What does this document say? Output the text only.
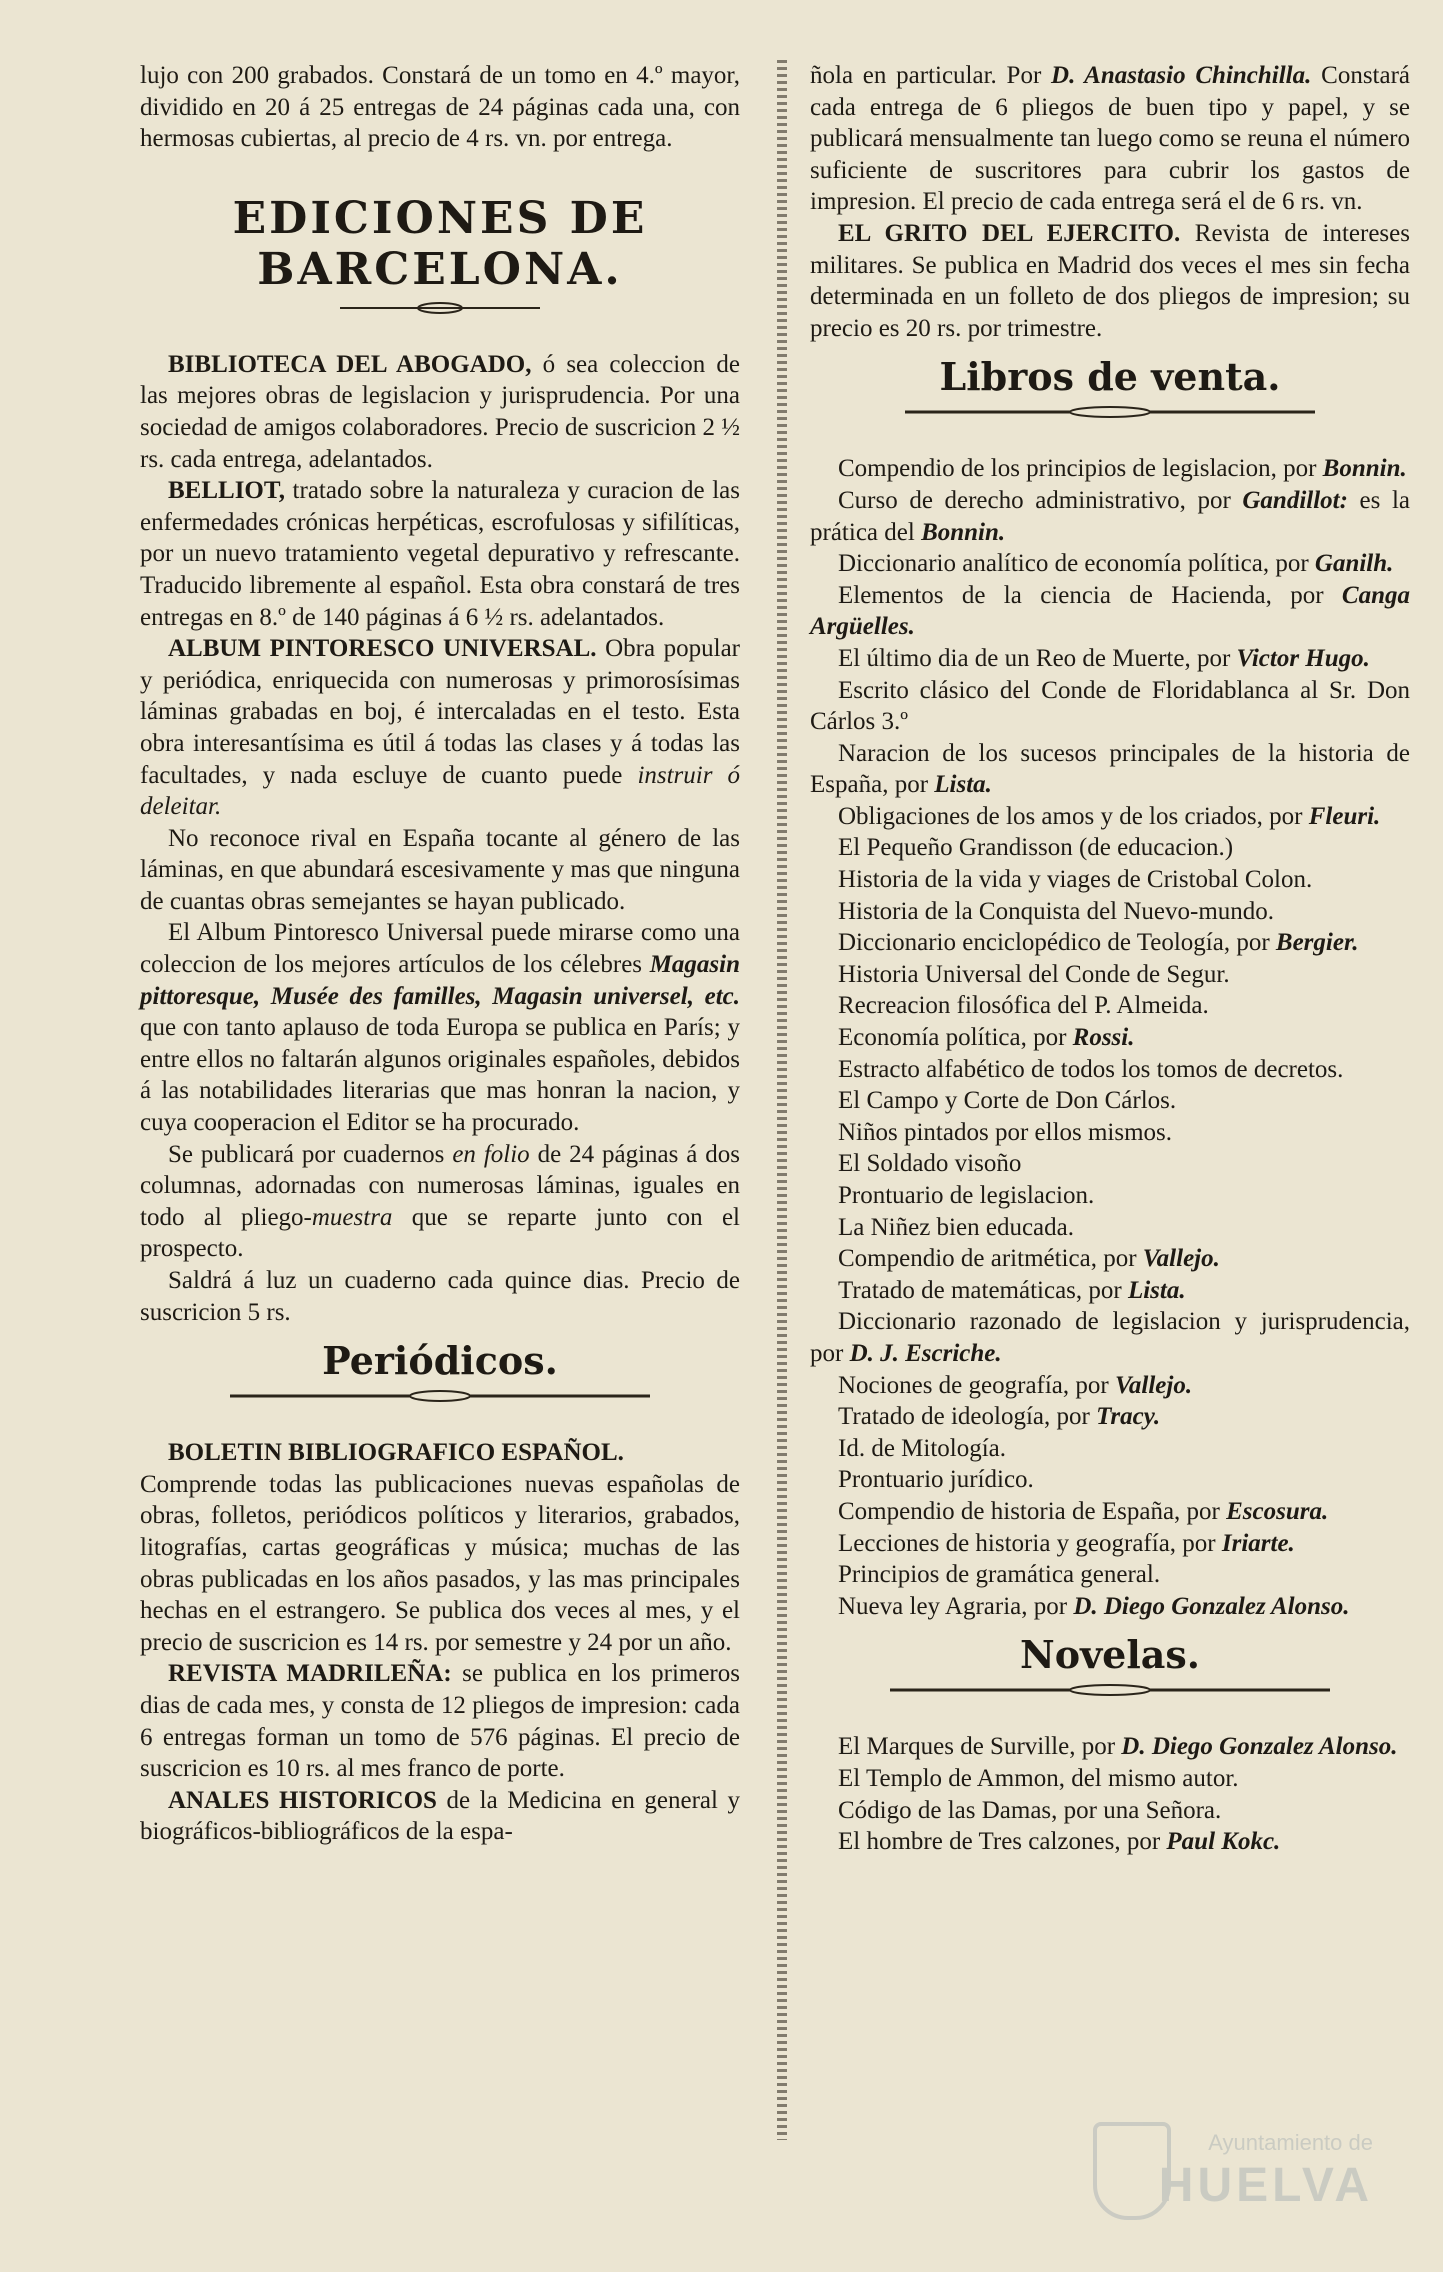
lujo con 200 grabados. Constará de un tomo en 4.º mayor, dividido en 20 á 25 entregas de 24 páginas cada una, con hermosas cubiertas, al precio de 4 rs. vn. por entrega.

EDICIONES DE BARCELONA.

BIBLIOTECA DEL ABOGADO, ó sea coleccion de las mejores obras de legislacion y jurisprudencia. Por una sociedad de amigos colaboradores. Precio de suscricion 2 ½ rs. cada entrega, adelantados.

BELLIOT, tratado sobre la naturaleza y curacion de las enfermedades crónicas herpéticas, escrofulosas y sifilíticas, por un nuevo tratamiento vegetal depurativo y refrescante. Traducido libremente al español. Esta obra constará de tres entregas en 8.º de 140 páginas á 6 ½ rs. adelantados.

ALBUM PINTORESCO UNIVERSAL. Obra popular y periódica, enriquecida con numerosas y primorosísimas láminas grabadas en boj, é intercaladas en el testo. Esta obra interesantísima es útil á todas las clases y á todas las facultades, y nada escluye de cuanto puede instruir ó deleitar.

No reconoce rival en España tocante al género de las láminas, en que abundará escesivamente y mas que ninguna de cuantas obras semejantes se hayan publicado.

El Album Pintoresco Universal puede mirarse como una coleccion de los mejores artículos de los célebres Magasin pittoresque, Musée des familles, Magasin universel, etc. que con tanto aplauso de toda Europa se publica en París; y entre ellos no faltarán algunos originales españoles, debidos á las notabilidades literarias que mas honran la nacion, y cuya cooperacion el Editor se ha procurado.

Se publicará por cuadernos en folio de 24 páginas á dos columnas, adornadas con numerosas láminas, iguales en todo al pliego-muestra que se reparte junto con el prospecto.

Saldrá á luz un cuaderno cada quince dias. Precio de suscricion 5 rs.

Periódicos.

BOLETIN BIBLIOGRAFICO ESPAÑOL.

Comprende todas las publicaciones nuevas españolas de obras, folletos, periódicos políticos y literarios, grabados, litografías, cartas geográficas y música; muchas de las obras publicadas en los años pasados, y las mas principales hechas en el estrangero. Se publica dos veces al mes, y el precio de suscricion es 14 rs. por semestre y 24 por un año.

REVISTA MADRILEÑA: se publica en los primeros dias de cada mes, y consta de 12 pliegos de impresion: cada 6 entregas forman un tomo de 576 páginas. El precio de suscricion es 10 rs. al mes franco de porte.

ANALES HISTORICOS de la Medicina en general y biográficos-bibliográficos de la espa-

ñola en particular. Por D. Anastasio Chinchilla. Constará cada entrega de 6 pliegos de buen tipo y papel, y se publicará mensualmente tan luego como se reuna el número suficiente de suscritores para cubrir los gastos de impresion. El precio de cada entrega será el de 6 rs. vn.

EL GRITO DEL EJERCITO. Revista de intereses militares. Se publica en Madrid dos veces el mes sin fecha determinada en un folleto de dos pliegos de impresion; su precio es 20 rs. por trimestre.

Libros de venta.

Compendio de los principios de legislacion, por Bonnin.

Curso de derecho administrativo, por Gandillot: es la prática del Bonnin.

Diccionario analítico de economía política, por Ganilh.

Elementos de la ciencia de Hacienda, por Canga Argüelles.

El último dia de un Reo de Muerte, por Victor Hugo.

Escrito clásico del Conde de Floridablanca al Sr. Don Cárlos 3.º

Naracion de los sucesos principales de la historia de España, por Lista.

Obligaciones de los amos y de los criados, por Fleuri.

El Pequeño Grandisson (de educacion.)

Historia de la vida y viages de Cristobal Colon.

Historia de la Conquista del Nuevo-mundo.

Diccionario enciclopédico de Teología, por Bergier.

Historia Universal del Conde de Segur.

Recreacion filosófica del P. Almeida.

Economía política, por Rossi.

Estracto alfabético de todos los tomos de decretos.

El Campo y Corte de Don Cárlos.

Niños pintados por ellos mismos.

El Soldado visoño

Prontuario de legislacion.

La Niñez bien educada.

Compendio de aritmética, por Vallejo.

Tratado de matemáticas, por Lista.

Diccionario razonado de legislacion y jurisprudencia, por D. J. Escriche.

Nociones de geografía, por Vallejo.

Tratado de ideología, por Tracy.

Id. de Mitología.

Prontuario jurídico.

Compendio de historia de España, por Escosura.

Lecciones de historia y geografía, por Iriarte.

Principios de gramática general.

Nueva ley Agraria, por D. Diego Gonzalez Alonso.

Novelas.

El Marques de Surville, por D. Diego Gonzalez Alonso.

El Templo de Ammon, del mismo autor.

Código de las Damas, por una Señora.

El hombre de Tres calzones, por Paul Kokc.

Ayuntamiento de
HUELVA
